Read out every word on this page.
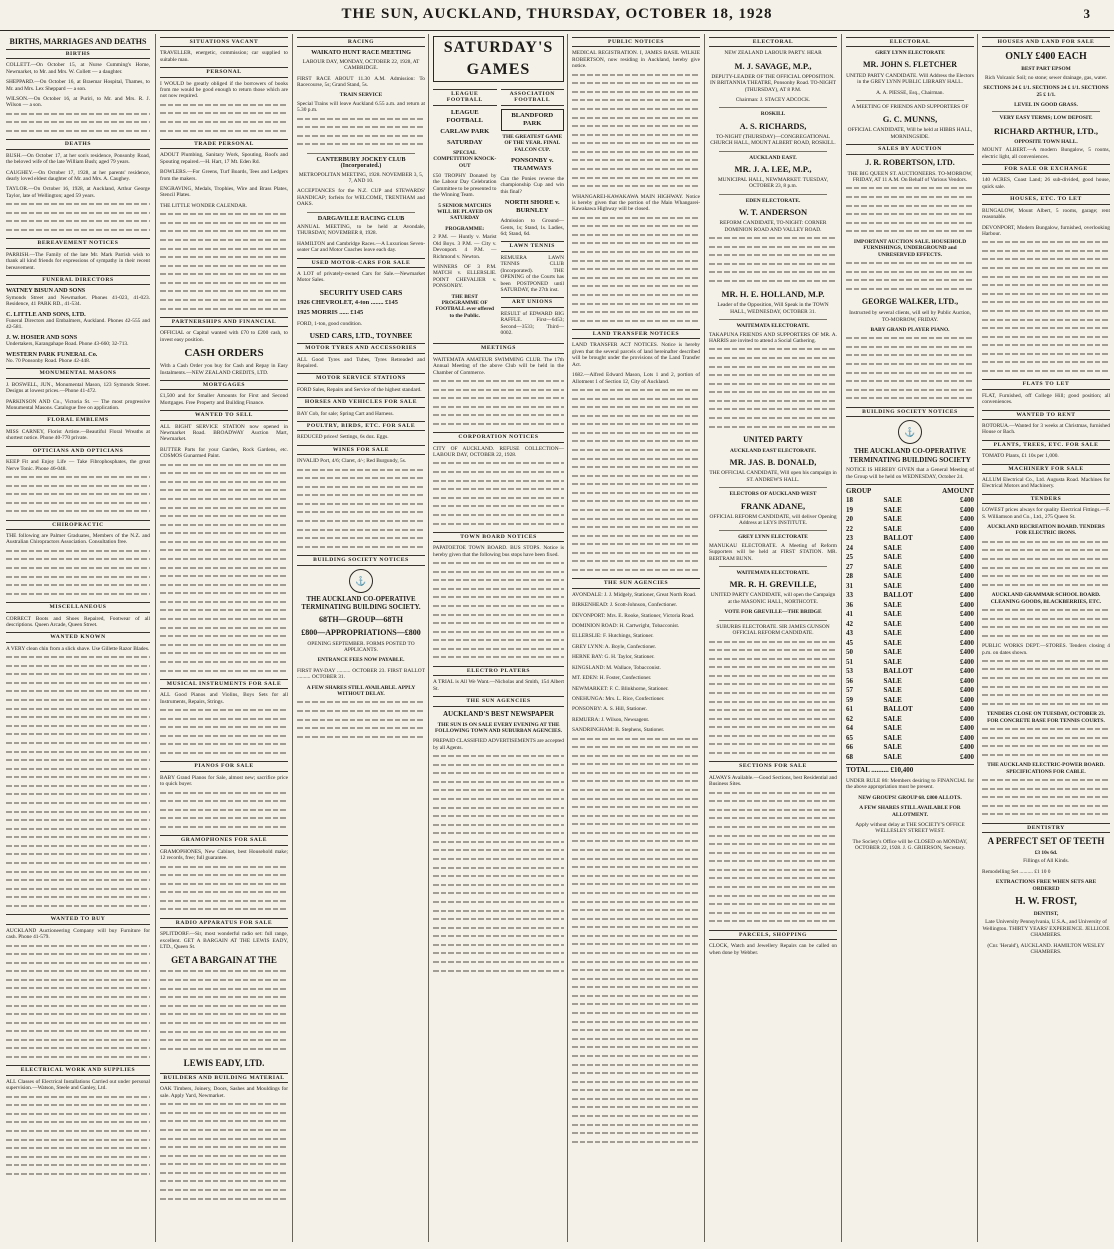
THE SUN, AUCKLAND, THURSDAY, OCTOBER 18, 1928	3
BIRTHS, MARRIAGES AND DEATHS
BIRTHS
COLLETT.—On October 15, at Nurse Cumming's Home, Newmarket, to Mr. and Mrs. W. Collett — a daughter.
SHEPPARD.—On October 16, at Braemar Hospital, Thames, to Mr. and Mrs. Lex Sheppard — a son.
WILSON.—On October 16, at Puriri, to Mr. and Mrs. R. J. Wilson — a son.
DEATHS
BUSH.—On October 17, at her son's residence, Ponsonby Road, the beloved wife of the late William Bush; aged 79 years.
CAUGHEY.—On October 17, 1928, at her parents' residence, dearly loved eldest daughter of Mr. and Mrs. A. Caughey.
TAYLOR.—On October 16, 1928, at Auckland, Arthur George Taylor, late of Wellington; aged 59 years.
BEREAVEMENT NOTICES
PARRISH.—The Family of the late Mr. Mark Parrish wish to thank all kind friends for expressions of sympathy in their recent bereavement.
FUNERAL DIRECTORS
WATNEY BISUN AND SONS
Symonds Street and Newmarket. Phones 41-023, 41-023. Residence, 41 PARK RD., 41-534.
C. LITTLE AND SONS, LTD.
Funeral Directors and Embalmers, Auckland. Phones 42-555 and 42-581.
J. W. HOSIER AND SONS
Undertakers, Karangahape Road. Phone 43-660; 32-713.
WESTERN PARK FUNERAL Co.
No. 70 Ponsonby Road. Phone 42-448.
MONUMENTAL MASONS
J. BOSWELL, JUN., Monumental Mason, 123 Symonds Street. Designs at lowest prices.—Phone 41-472.
PARKINSON AND Co., Victoria St. — The most progressive Monumental Masons. Catalogue free on application.
FLORAL EMBLEMS
MISS CARNEY, Florist Artiste.—Beautiful Floral Wreaths at shortest notice. Phone 40-770 private.
OPTICIANS AND OPTICIANS
KEEP Fit and Enjoy Life — Take Fibrophosphates, the great Nerve Tonic. Phone 46-048.
CHIROPRACTIC
THE following are Palmer Graduates, Members of the N.Z. and Australian Chiropractors Association. Consultation free.
MISCELLANEOUS
CORRECT Boots and Shoes Repaired, Footwear of all descriptions. Queen Arcade, Queen Street.
WANTED KNOWN
A VERY clean chin from a slick shave. Use Gillette Razor Blades.
WANTED TO BUY
AUCKLAND Auctioneering Company will buy Furniture for cash. Phone 41-579.
ELECTRICAL WORK AND SUPPLIES
ALL Classes of Electrical Installations Carried out under personal supervision.—Watson, Steele and Ganley, Ltd.
SITUATIONS VACANT
TRAVELLER, energetic, commission; car supplied to suitable man.
PERSONAL
I WOULD be greatly obliged if the borrowers of books from me would be good enough to return those which are not now required.
TRADE PERSONAL
ADOUT Plumbing, Sanitary Work, Spouting, Roofs and Spouting repaired.—H. Hart, 17 Mt. Eden Rd.
BOWLERS.—For Greens, Turf Boards, Tees and Ledgers from the makers.
ENGRAVING, Medals, Trophies, Wire and Brass Plates, Stencil Plates.
THE LITTLE WONDER CALENDAR.
PARTNERSHIPS AND FINANCIAL
OFFICIAL or Capital wanted with £70 to £200 cash, to invest easy position.
CASH ORDERS
With a Cash Order you buy for Cash and Repay in Easy Instalments.—NEW ZEALAND CREDITS, LTD.
MORTGAGES
£1,500 and for Smaller Amounts for First and Second Mortgages. Free Property and Building Finance.
WANTED TO SELL
ALL BIGHT SERVICE STATION now opened in Newmarket Road. BROADWAY Auction Mart, Newmarket.
BUTTER Parts for your Garden, Rock Gardens, etc. COSMOS Gunarmed Paint.
MUSICAL INSTRUMENTS FOR SALE
ALL Good Pianos and Violins, Boys Sets for all Instruments, Repairs, Strings.
PIANOS FOR SALE
BABY Grand Pianos for Sale, almost new; sacrifice price to quick buyer.
GRAMOPHONES FOR SALE
GRAMOPHONES, New Cabinet, best Household make; 12 records, free; full guarantee.
RADIO APPARATUS FOR SALE
SPLITDORF.—Sir, most wonderful radio set: full range, excellent. GET A BARGAIN AT THE LEWIS EADY, LTD., Queen St.
GET A BARGAIN AT THE
LEWIS EADY, LTD.
BUILDERS AND BUILDING MATERIAL
OAK Timbers, Joinery, Doors, Sashes and Mouldings for sale. Apply Yard, Newmarket.
RACING
WAIKATO HUNT RACE MEETING
LABOUR DAY, MONDAY, OCTOBER 22, 1928, AT CAMBRIDGE.
FIRST RACE ABOUT 11.30 A.M. Admission: To Racecourse, 5s; Grand Stand, 5s.
TRAIN SERVICE
Special Trains will leave Auckland 6.55 a.m. and return at 5.30 p.m.
CANTERBURY JOCKEY CLUB (Incorporated.)
METROPOLITAN MEETING, 1928. NOVEMBER 3, 5, 7, AND 10.
ACCEPTANCES for the N.Z. CUP and STEWARDS' HANDICAP; forfeits for WELCOME, TRENTHAM and OAKS.
DARGAVILLE RACING CLUB
ANNUAL MEETING, to be held at Avondale, THURSDAY, NOVEMBER 8, 1928.
HAMILTON and Cambridge Races.—A Luxurious Seven-seater Car and Motor Coaches leave each day.
USED MOTOR-CARS FOR SALE
A LOT of privately-owned Cars for Sale.—Newmarket Motor Sales.
SECURITY USED CARS
1926 CHEVROLET, 4-ton ........ £145
1925 MORRIS ...... £145
FORD, 1-ton, good condition.
USED CARS, LTD., TOYNBEE
MOTOR TYRES AND ACCESSORIES
ALL Good Tyres and Tubes, Tyres Retreaded and Repaired.
MOTOR SERVICE STATIONS
FORD Sales, Repairs and Service of the highest standard.
HORSES AND VEHICLES FOR SALE
BAY Cob, for sale; Spring Cart and Harness.
POULTRY, BIRDS, ETC. FOR SALE
REDUCED prices! Settings, 6s doz. Eggs.
WINES FOR SALE
INVALID Port, 4/6; Claret, 4/-; Red Burgundy, 5s.
BUILDING SOCIETY NOTICES
⚓
THE AUCKLAND CO-OPERATIVE TERMINATING BUILDING SOCIETY.
68TH—GROUP—68TH
£800—APPROPRIATIONS—£800
OPENING SEPTEMBER. FORMS POSTED TO APPLICANTS.
ENTRANCE FEES NOW PAYABLE.
FIRST PAY-DAY .......... OCTOBER 23. FIRST BALLOT .......... OCTOBER 31.
A FEW SHARES STILL AVAILABLE. APPLY WITHOUT DELAY.
SATURDAY'S GAMES
LEAGUE FOOTBALL
LEAGUE FOOTBALL
CARLAW PARK
SATURDAY
SPECIAL COMPETITION KNOCK-OUT
£50 TROPHY Donated by the Labour Day Celebration Committee to be presented to the Winning Team.
5 SENIOR MATCHES WILL BE PLAYED ON SATURDAY
PROGRAMME:
2 P.M. — Huntly v. Marist Old Boys. 3 P.M. — City v. Devonport. 4 P.M. — Richmond v. Newton.
WINNERS OF 3 P.M. MATCH v. ELLERSLIE. POINT CHEVALIER v. PONSONBY.
THE BEST PROGRAMME OF FOOTBALL ever offered to the Public.
ASSOCIATION FOOTBALL
BLANDFORD PARK
THE GREATEST GAME OF THE YEAR. FINAL FALCON CUP.
PONSONBY v. TRAMWAYS
Can the Ponies reverse the championship Cup and win this final?
NORTH SHORE v. BURNLEY
Admission to Ground—Gents, 1s; Stand, 1s. Ladies, 6d; Stand, 6d.
LAWN TENNIS
REMUERA LAWN TENNIS CLUB (Incorporated). THE OPENING of the Courts has been POSTPONED until SATURDAY, the 27th inst.
ART UNIONS
RESULT of EDWARD BIG RAFFLE. First—6453; Second—3533; Third—0002.
MEETINGS
WAITEMATA AMATEUR SWIMMING CLUB. The 17th Annual Meeting of the above Club will be held in the Chamber of Commerce.
CORPORATION NOTICES
CITY OF AUCKLAND. REFUSE COLLECTION—LABOUR DAY, OCTOBER 22, 1928.
TOWN BOARD NOTICES
PAPATOETOE TOWN BOARD. BUS STOPS. Notice is hereby given that the following bus stops have been fixed.
ELECTRO PLATERS
A TRIAL is All We Want.—Nicholas and Smith, 154 Albert St.
THE SUN AGENCIES
AUCKLAND'S BEST NEWSPAPER
THE SUN IS ON SALE EVERY EVENING AT THE FOLLOWING TOWN AND SUBURBAN AGENCIES.
PREPAID CLASSIFIED ADVERTISEMENTS are accepted by all Agents.
PUBLIC NOTICES
MEDICAL REGISTRATION. I, JAMES BASIL WILKIE ROBERTSON, now residing in Auckland, hereby give notice.
WHANGAREI-KAWAKAWA MAIN HIGHWAY. Notice is hereby given that the portion of the Main Whangarei-Kawakawa Highway will be closed.
LAND TRANSFER NOTICES
LAND TRANSFER ACT NOTICES. Notice is hereby given that the several parcels of land hereinafter described will be brought under the provisions of the Land Transfer Act.
1682.—Alfred Edward Mason, Lots 1 and 2, portion of Allotment 1 of Section 12, City of Auckland.
THE SUN AGENCIES
AVONDALE: J. J. Midgely, Stationer, Great North Road.
BIRKENHEAD: J. Scott-Johnson, Confectioner.
DEVONPORT: Mrs. E. Rooke, Stationer, Victoria Road.
DOMINION ROAD: H. Cartwright, Tobacconist.
ELLERSLIE: F. Hutchings, Stationer.
GREY LYNN: A. Boyle, Confectioner.
HERNE BAY: G. H. Taylor, Stationer.
KINGSLAND: M. Wallace, Tobacconist.
MT. EDEN: H. Foster, Confectioner.
NEWMARKET: F. C. Blinkhorne, Stationer.
ONEHUNGA: Mrs. L. Rice, Confectioner.
PONSONBY: A. S. Hill, Stationer.
REMUERA: J. Wilson, Newsagent.
SANDRINGHAM: B. Stephens, Stationer.
ELECTORAL
NEW ZEALAND LABOUR PARTY. HEAR
M. J. SAVAGE, M.P.,
DEPUTY-LEADER OF THE OFFICIAL OPPOSITION. IN BRITANNIA THEATRE, Ponsonby Road. TO-NIGHT (THURSDAY), AT 8 P.M.
Chairman: J. STACEY ADCOCK.
ROSKILL
A. S. RICHARDS,
TO-NIGHT (THURSDAY)—CONGREGATIONAL CHURCH HALL, MOUNT ALBERT ROAD, ROSKILL.
AUCKLAND EAST.
MR. J. A. LEE, M.P.,
MUNICIPAL HALL, NEWMARKET. TUESDAY, OCTOBER 23, 8 p.m.
EDEN ELECTORATE.
W. T. ANDERSON
REFORM CANDIDATE, TO-NIGHT: CORNER DOMINION ROAD AND VALLEY ROAD.
MR. H. E. HOLLAND, M.P.
Leader of the Opposition, Will Speak in the TOWN HALL, WEDNESDAY, OCTOBER 31.
WAITEMATA ELECTORATE.
TAKAPUNA FRIENDS AND SUPPORTERS OF MR. A. HARRIS are invited to attend a Social Gathering.
UNITED PARTY
AUCKLAND EAST ELECTORATE.
MR. JAS. B. DONALD,
THE OFFICIAL CANDIDATE, Will open his campaign in ST. ANDREW'S HALL.
ELECTORS OF AUCKLAND WEST
FRANK ADANE,
OFFICIAL REFORM CANDIDATE, will deliver Opening Address at LEYS INSTITUTE.
GREY LYNN ELECTORATE
MANUKAU ELECTORATE. A Meeting of Reform Supporters will be held at FIRST STATION. MR. BERTRAM BUNN.
WAITEMATA ELECTORATE.
MR. R. H. GREVILLE,
UNITED PARTY CANDIDATE, will open the Campaign at the MASONIC HALL, NORTHCOTE.
VOTE FOR GREVILLE—THE BRIDGE
SUBURBS ELECTORATE. SIR JAMES GUNSON OFFICIAL REFORM CANDIDATE.
SECTIONS FOR SALE
ALWAYS Available.—Good Sections, best Residential and Business Sites.
PARCELS, SHOPPING
CLOCK, Watch and Jewellery Repairs can be called on when done by Webber.
ELECTORAL
GREY LYNN ELECTORATE
MR. JOHN S. FLETCHER
UNITED PARTY CANDIDATE. Will Address the Electors in the GREY LYNN PUBLIC LIBRARY HALL.
A. A. PIESSE, Esq., Chairman.
A MEETING OF FRIENDS AND SUPPORTERS OF
G. C. MUNNS,
OFFICIAL CANDIDATE, Will be held at HIBBS HALL, MORNINGSIDE.
SALES BY AUCTION
J. R. ROBERTSON, LTD.
THE BIG QUEEN ST. AUCTIONEERS. TO-MORROW, FRIDAY, AT 11 A.M. On Behalf of Various Vendors.
IMPORTANT AUCTION SALE. HOUSEHOLD FURNISHINGS, UNDERGROUND and UNRESERVED EFFECTS.
GEORGE WALKER, LTD.,
Instructed by several clients, will sell by Public Auction, TO-MORROW, FRIDAY.
BABY GRAND PLAYER PIANO.
BUILDING SOCIETY NOTICES
⚓
THE AUCKLAND CO-OPERATIVE TERMINATING BUILDING SOCIETY
NOTICE IS HEREBY GIVEN that a General Meeting of the Group will be held on WEDNESDAY, October 24.
GROUP		AMOUNT
18	SALE	£400
19	SALE	£400
20	SALE	£400
22	SALE	£400
23	BALLOT	£400
24	SALE	£400
25	SALE	£400
27	SALE	£400
28	SALE	£400
31	SALE	£400
33	BALLOT	£400
36	SALE	£400
41	SALE	£400
42	SALE	£400
43	SALE	£400
45	SALE	£400
50	SALE	£400
51	SALE	£400
53	BALLOT	£400
56	SALE	£400
57	SALE	£400
59	SALE	£400
61	BALLOT	£400
62	SALE	£400
64	SALE	£400
65	SALE	£400
66	SALE	£400
68	SALE	£400
TOTAL .......... £10,400
UNDER RULE 86: Members desiring to FINANCIAL for the above appropriation must be present.
NEW GROUPS! GROUP 68. £800 ALLOTS.
A FEW SHARES STILL AVAILABLE FOR ALLOTMENT.
Apply without delay at THE SOCIETY'S OFFICE WELLESLEY STREET WEST.
The Society's Office will be CLOSED on MONDAY, OCTOBER 22, 1928. J. G. GRIERSON, Secretary.
HOUSES AND LAND FOR SALE
ONLY £400 EACH
BEST PART EPSOM
Rich Volcanic Soil; no stone; sewer drainage, gas, water.
SECTIONS 24 £ 1/1. SECTIONS 24 £ 1/1. SECTIONS 25 £ 1/1.
LEVEL IN GOOD GRASS.
VERY EASY TERMS; LOW DEPOSIT.
RICHARD ARTHUR, LTD.,
OPPOSITE TOWN HALL.
MOUNT ALBERT.—A modern Bungalow, 5 rooms, electric light, all conveniences.
FOR SALE OR EXCHANGE
140 ACRES, Coast Land; 26 sub-divided, good house, quick sale.
HOUSES, ETC. TO LET
BUNGALOW, Mount Albert, 5 rooms, garage; rent reasonable.
DEVONPORT, Modern Bungalow, furnished, overlooking Harbour.
FLATS TO LET
FLAT, Furnished, off College Hill; good position; all conveniences.
WANTED TO RENT
ROTORUA.—Wanted for 3 weeks at Christmas, furnished House or Bach.
PLANTS, TREES, ETC. FOR SALE
TOMATO Plants, £1 10s per 1,000.
MACHINERY FOR SALE
ALLUM Electrical Co., Ltd. Augusta Road. Machines for Electrical Motors and Machinery.
TENDERS
LOWEST prices always for quality Electrical Fittings.—F. S. Williamson and Co., Ltd., 275 Queen St.
AUCKLAND RECREATION BOARD. TENDERS FOR ELECTRIC IRONS.
AUCKLAND GRAMMAR SCHOOL BOARD. CLEANING GOODS, BLACKBERRIES, ETC.
PUBLIC WORKS DEPT.—STORES. Tenders closing 4 p.m. on dates shown.
TENDERS CLOSE ON TUESDAY, OCTOBER 23. FOR CONCRETE BASE FOR TENNIS COURTS.
THE AUCKLAND ELECTRIC-POWER BOARD. SPECIFICATIONS FOR CABLE.
DENTISTRY
A PERFECT SET OF TEETH
£3 10s 6d.
Fillings of All Kinds.
Remodelling Set .......... £1 10 0
EXTRACTIONS FREE WHEN SETS ARE ORDERED
H. W. FROST,
DENTIST,
Late University Pennsylvania, U.S.A., and University of Wellington. THIRTY YEARS' EXPERIENCE. JELLICOE CHAMBERS.
(Cnr. 'Herald'), AUCKLAND. HAMILTON WESLEY CHAMBERS.
